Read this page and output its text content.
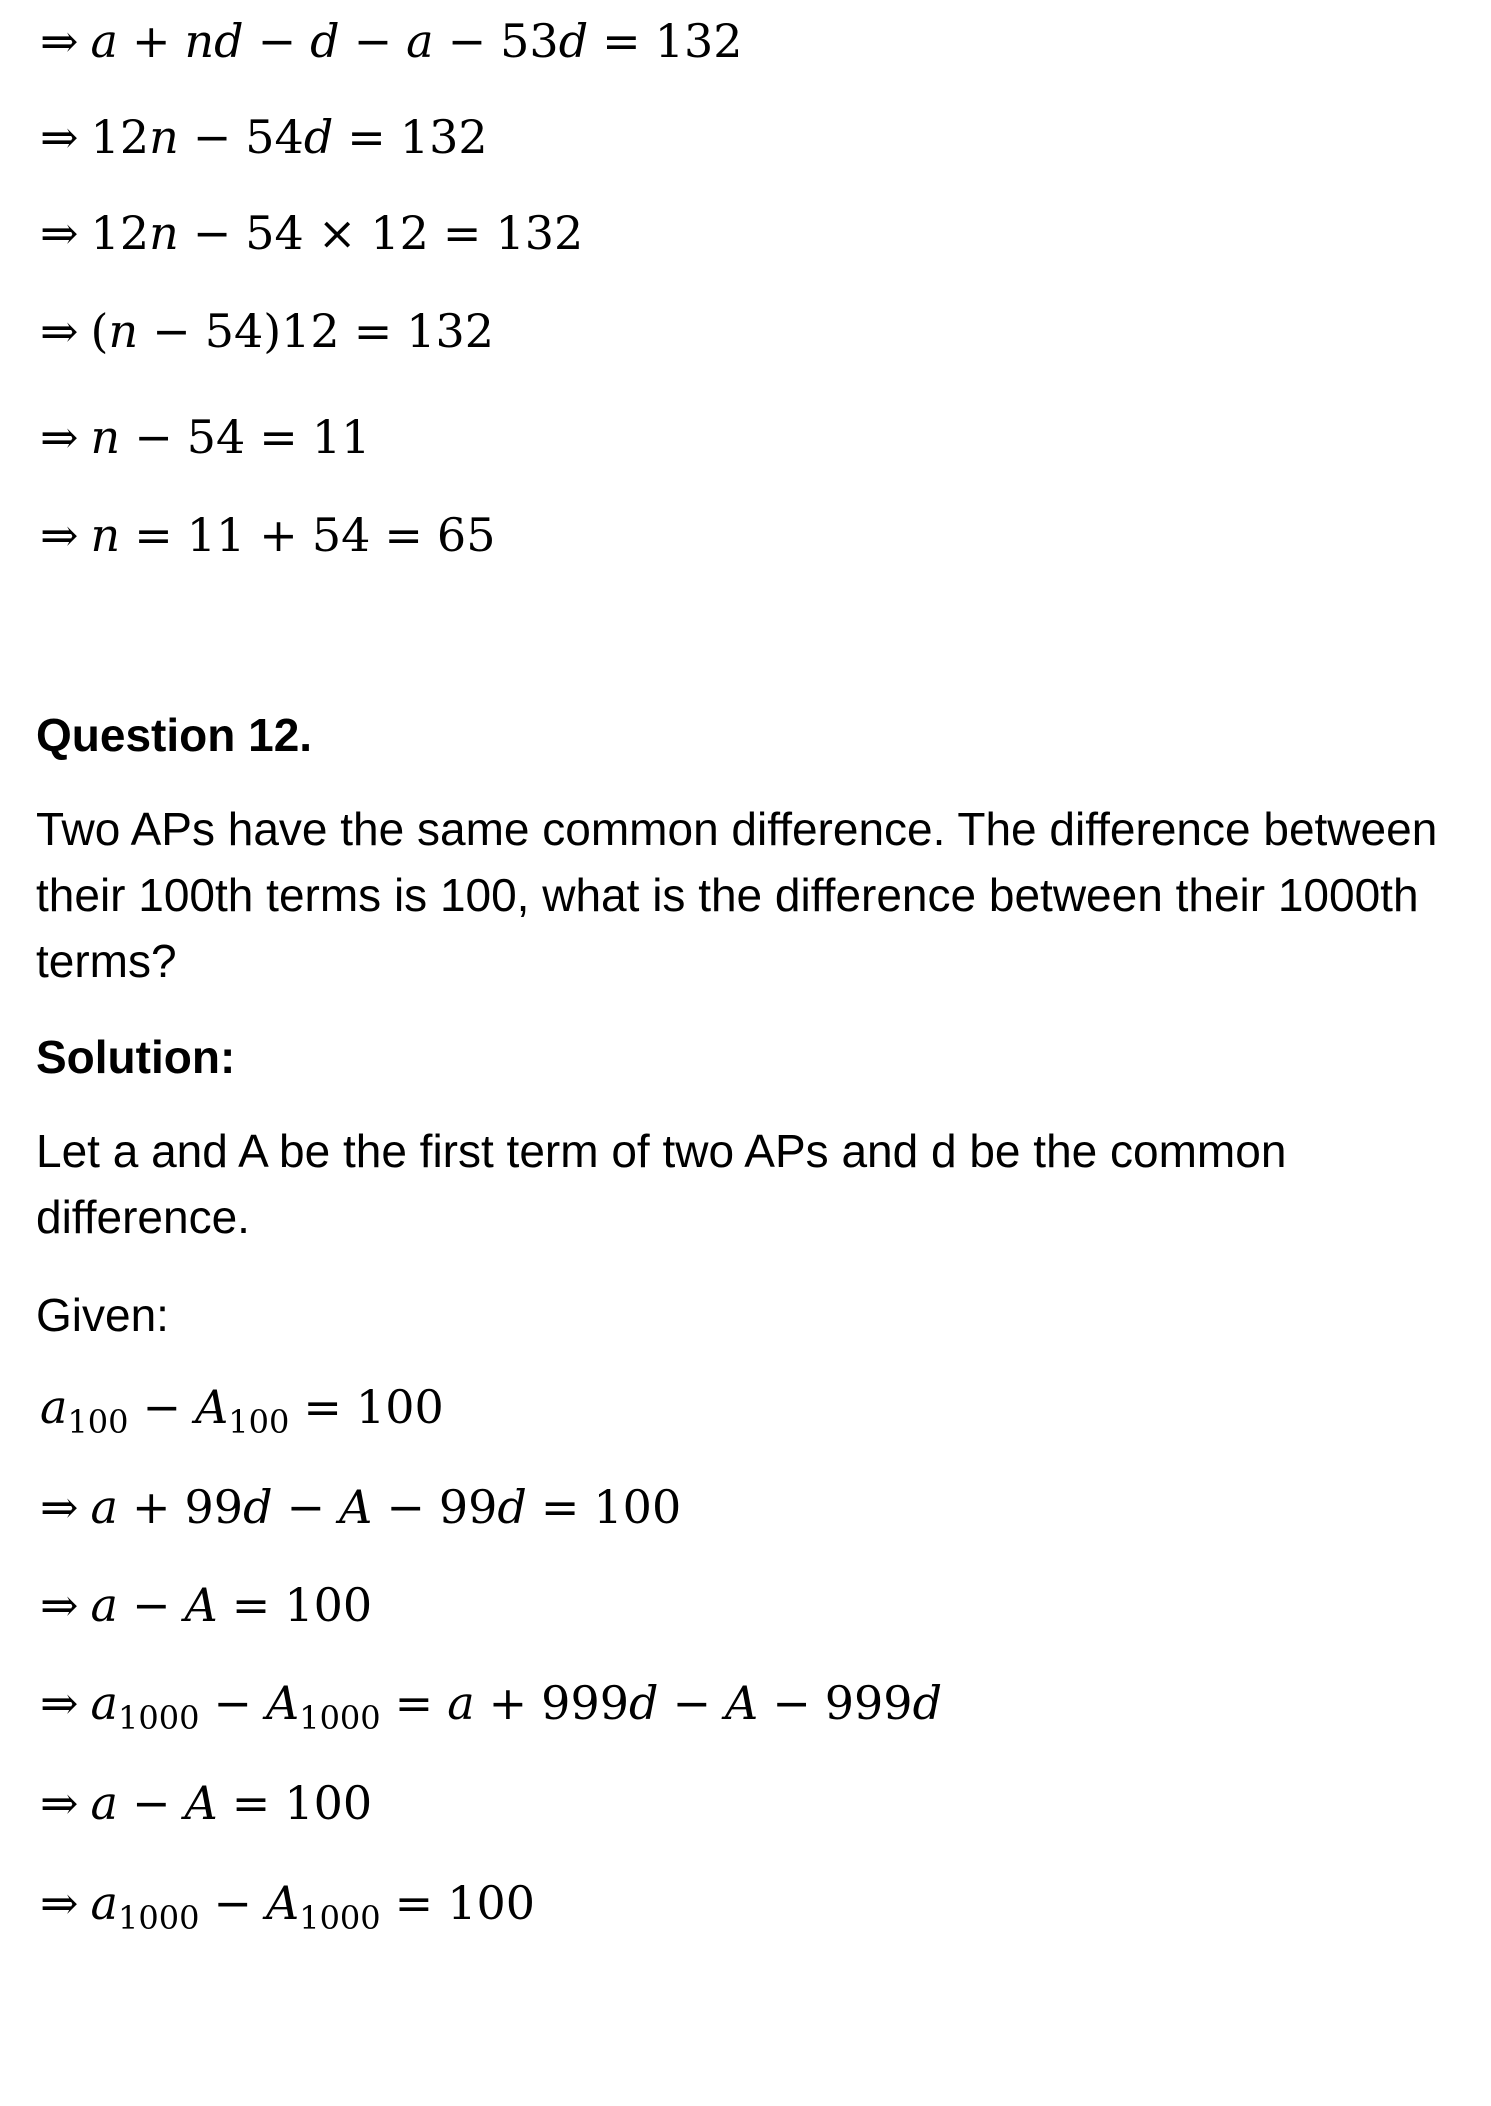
⇒ a + nd − d − a − 53d = 132
⇒ 12n − 54d = 132
⇒ 12n − 54 × 12 = 132
⇒ (n − 54)12 = 132
⇒ n − 54 = 11
⇒ n = 11 + 54 = 65
Question 12.
Two APs have the same common difference. The difference between their 100th terms is 100, what is the difference between their 1000th terms?
Solution:
Let a and A be the first term of two APs and d be the common difference.
Given:
$a_{100} - A_{100} = 100$
⇒ a + 99d − A − 99d = 100
⇒ a − A = 100
⇒ $a_{1000} - A_{1000} = a + 999d - A - 999d$
⇒ a − A = 100
⇒ $a_{1000} - A_{1000} = 100$
